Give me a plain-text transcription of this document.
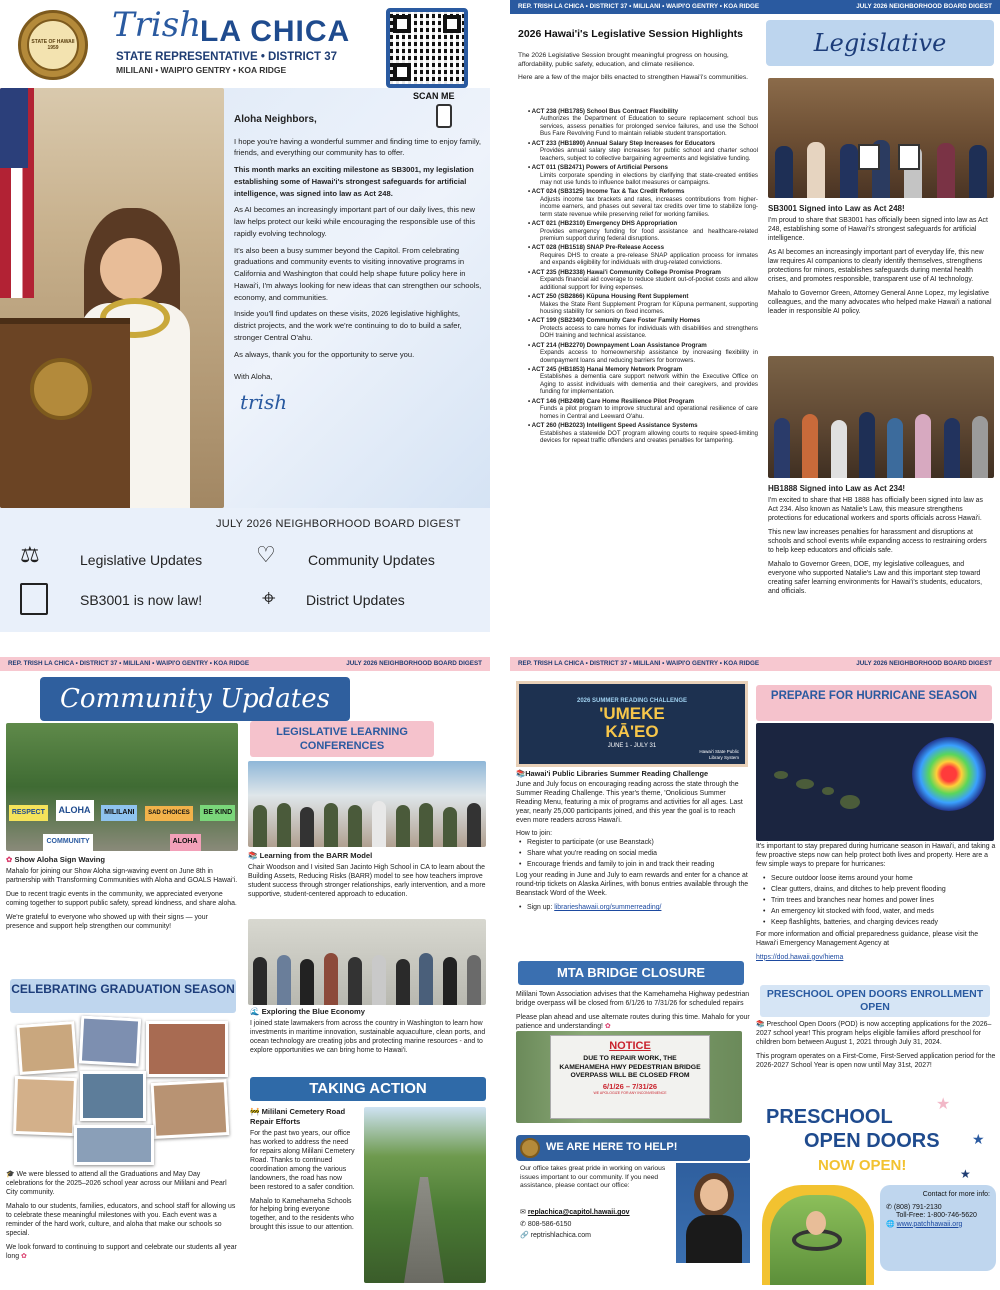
STATE OF HAWAII
1959
Trish
LA CHICA
STATE REPRESENTATIVE • DISTRICT 37
MILILANI • WAIPI'O GENTRY • KOA RIDGE
SCAN ME
Aloha Neighbors,

I hope you're having a wonderful summer and finding time to enjoy family, friends, and everything our community has to offer.

This month marks an exciting milestone as SB3001, my legislation establishing some of Hawai'i's strongest safeguards for artificial intelligence, was signed into law as Act 248.

As AI becomes an increasingly important part of our daily lives, this new law helps protect our keiki while encouraging the responsible use of this rapidly evolving technology.

It's also been a busy summer beyond the Capitol. From celebrating graduations and community events to visiting innovative programs in California and Washington that could help shape future policy here in Hawai'i, I'm always looking for new ideas that can strengthen our schools, economy, and communities.

Inside you'll find updates on these visits, 2026 legislative highlights, district projects, and the work we're continuing to do to build a safer, stronger Central O'ahu.

As always, thank you for the opportunity to serve you.

With Aloha,

trish
JULY 2026 NEIGHBORHOOD BOARD DIGEST
⚖	Legislative Updates ♡	Community Updates
SB3001 is now law! ⌖ District Updates
REP. TRISH LA CHICA • DISTRICT 37 • MILILANI • WAIPI'O GENTRY • KOA RIDGE	JULY 2026 NEIGHBORHOOD BOARD DIGEST
2026 Hawai'i's Legislative Session Highlights	Legislative

The 2026 Legislative Session brought meaningful progress on housing, affordability, public safety, education, and climate resilience.

Here are a few of the major bills enacted to strengthen Hawai'i's communities.

• ACT 238 (HB1785) School Bus Contract Flexibility
Authorizes the Department of Education to secure replacement school bus services, assess penalties for prolonged service failures, and use the School Bus Fare Revolving Fund to maintain reliable student transportation.
• ACT 233 (HB1890) Annual Salary Step Increases for Educators
Provides annual salary step increases for public school and charter school teachers, subject to collective bargaining agreements and legislative funding.
• ACT 011 (SB2471) Powers of Artificial Persons
Limits corporate spending in elections by clarifying that state-created entities may not use funds to influence ballot measures or campaigns.
• ACT 024 (SB3125) Income Tax & Tax Credit Reforms
Adjusts income tax brackets and rates, increases contributions from higher-income earners, and phases out several tax credits over time to stabilize long-term state revenue while preserving relief for working families.
• ACT 021 (HB2310) Emergency DHS Appropriation
Provides emergency funding for food assistance and healthcare-related premium support during federal disruptions.
• ACT 028 (HB1518) SNAP Pre-Release Access
Requires DHS to create a pre-release SNAP application process for inmates and expands eligibility for individuals with drug-related convictions.
• ACT 235 (HB2338) Hawai'i Community College Promise Program
Expands financial aid coverage to reduce student out-of-pocket costs and allow additional support for living expenses.
• ACT 250 (SB2866) Kūpuna Housing Rent Supplement
Makes the State Rent Supplement Program for Kūpuna permanent, supporting housing stability for seniors on fixed incomes.
• ACT 199 (SB2340) Community Care Foster Family Homes
Protects access to care homes for individuals with disabilities and strengthens DOH training and technical assistance.
• ACT 214 (HB2270) Downpayment Loan Assistance Program
Expands access to homeownership assistance by increasing flexibility in downpayment loans and reducing barriers for borrowers.
• ACT 245 (HB1853) Hanai Memory Network Program
Establishes a dementia care support network within the Executive Office on Aging to assist individuals with dementia and their caregivers, and provides funding for implementation.
• ACT 146 (HB2498) Care Home Resilience Pilot Program
Funds a pilot program to improve structural and operational resilience of care homes in Central and Leeward O'ahu.
• ACT 260 (HB2023) Intelligent Speed Assistance Systems
Establishes a statewide DOT program allowing courts to require speed-limiting devices for repeat traffic offenders and creates penalties for tampering.
SB3001 Signed into Law as Act 248!

I'm proud to share that SB3001 has officially been signed into law as Act 248, establishing some of Hawai'i's strongest safeguards for artificial intelligence.

As AI becomes an increasingly important part of everyday life, this new law requires AI companions to clearly identify themselves, strengthens protections for minors, establishes safeguards during mental health crises, and promotes responsible, transparent use of AI technology.

Mahalo to Governor Green, Attorney General Anne Lopez, my legislative colleagues, and the many advocates who helped make Hawai'i a national leader in responsible AI policy.

HB1888 Signed into Law as Act 234!

I'm excited to share that HB 1888 has officially been signed into law as Act 234. Also known as Natalie's Law, this measure strengthens protections for educational workers and sports officials across Hawai'i.

This new law increases penalties for harassment and disruptions at schools and school events while expanding access to restraining orders to help keep educators and officials safe.

Mahalo to Governor Green, DOE, my legislative colleagues, and everyone who supported Natalie's Law and this important step toward creating safer learning environments for Hawai'i's students, educators, and officials.

REP. TRISH LA CHICA • DISTRICT 37 • MILILANI • WAIPI'O GENTRY • KOA RIDGE	JULY 2026 NEIGHBORHOOD BOARD DIGEST
Community Updates
RESPECT	ALOHA	MILILANI	SAD CHOICES	BE KIND
COMMUNITY	ALOHA
✿ Show Aloha Sign Waving

Mahalo for joining our Show Aloha sign-waving event on June 8th in partnership with Transforming Communities with Aloha and GOALS Hawai'i.

Due to recent tragic events in the community, we appreciated everyone coming together to support public safety, spread kindness, and share aloha.

We're grateful to everyone who showed up with their signs — your presence and support help strengthen our community!

CELEBRATING GRADUATION SEASON

🎓 We were blessed to attend all the Graduations and May Day celebrations for the 2025–2026 school year across our Mililani and Pearl City community.

Mahalo to our students, families, educators, and school staff for allowing us to celebrate these meaningful milestones with you. Each event was a reminder of the hard work, culture, and aloha that make our schools so special.

We look forward to continuing to support and celebrate our students all year long ✿

LEGISLATIVE LEARNING CONFERENCES
📚 Learning from the BARR Model

Chair Woodson and I visited San Jacinto High School in CA to learn about the Building Assets, Reducing Risks (BARR) model to see how teachers improve student success through stronger relationships, early intervention, and a more supportive, student-centered approach to education.

🌊 Exploring the Blue Economy

I joined state lawmakers from across the country in Washington to learn how investments in maritime innovation, sustainable aquaculture, clean ports, and ocean technology are creating jobs and protecting marine resources - and to explore opportunities we can bring home to Hawai'i.

TAKING ACTION
🚧 Mililani Cemetery Road Repair Efforts

For the past two years, our office has worked to address the need for repairs along Mililani Cemetery Road. Thanks to continued coordination among the various landowners, the road has now been restored to a safer condition.

Mahalo to Kamehameha Schools for helping bring everyone together, and to the residents who brought this issue to our attention.

REP. TRISH LA CHICA • DISTRICT 37 • MILILANI • WAIPI'O GENTRY • KOA RIDGE	JULY 2026 NEIGHBORHOOD BOARD DIGEST
2026 SUMMER READING CHALLENGE
'UMEKE
KĀ'EO
JUNE 1 - JULY 31
Hawai'i State Public Library System
📚Hawai'i Public Libraries Summer Reading Challenge

June and July focus on encouraging reading across the state through the Summer Reading Challenge. This year's theme, 'Onolicious Summer Reading Menu, featuring a mix of programs and activities for all ages. Last year, nearly 25,000 participants joined, and this year the goal is to reach even more readers across Hawai'i.

How to join:
• Register to participate (or use Beanstack)
• Share what you're reading on social media
• Encourage friends and family to join in and track their reading

Log your reading in June and July to earn rewards and enter for a chance at round-trip tickets on Alaska Airlines, with bonus entries available through the Beanstack Word of the Week.

• Sign up: librarieshawaii.org/summerreading/
MTA BRIDGE CLOSURE

Mililani Town Association advises that the Kamehameha Highway pedestrian bridge overpass will be closed from 6/1/26 to 7/31/26 for scheduled repairs

Please plan ahead and use alternate routes during this time. Mahalo for your patience and understanding! ✿

NOTICE
DUE TO REPAIR WORK, THE KAMEHAMEHA HWY PEDESTRIAN BRIDGE OVERPASS WILL BE CLOSED FROM
6/1/26 – 7/31/26
WE APOLOGIZE FOR ANY INCONVENIENCE
WE ARE HERE TO HELP!
Our office takes great pride in working on various issues important to our community. If you need assistance, please contact our office:
✉ replachica@capitol.hawaii.gov
✆ 808-586-6150
🔗 reptrishlachica.com
PREPARE FOR HURRICANE SEASON

It's important to stay prepared during hurricane season in Hawai'i, and taking a few proactive steps now can help protect both lives and property. Here are a few simple ways to prepare for hurricanes:

• Secure outdoor loose items around your home
• Clear gutters, drains, and ditches to help prevent flooding
• Trim trees and branches near homes and power lines
• An emergency kit stocked with food, water, and meds
• Keep flashlights, batteries, and charging devices ready

For more information and official preparedness guidance, please visit the Hawai'i Emergency Management Agency at

https://dod.hawaii.gov/hiema

PRESCHOOL OPEN DOORS ENROLLMENT OPEN

📚 Preschool Open Doors (POD) is now accepting applications for the 2026–2027 school year! This program helps eligible families afford preschool for children born between August 1, 2021 through July 31, 2024.

This program operates on a First-Come, First-Served application period for the 2026-2027 School Year is open now until May 31st, 2027!

PRESCHOOL
OPEN DOORS
NOW OPEN!
★
★
★
Contact for more info:
✆ (808) 791-2130
Toll-Free: 1-800-746-5620
🌐 www.patchhawaii.org
